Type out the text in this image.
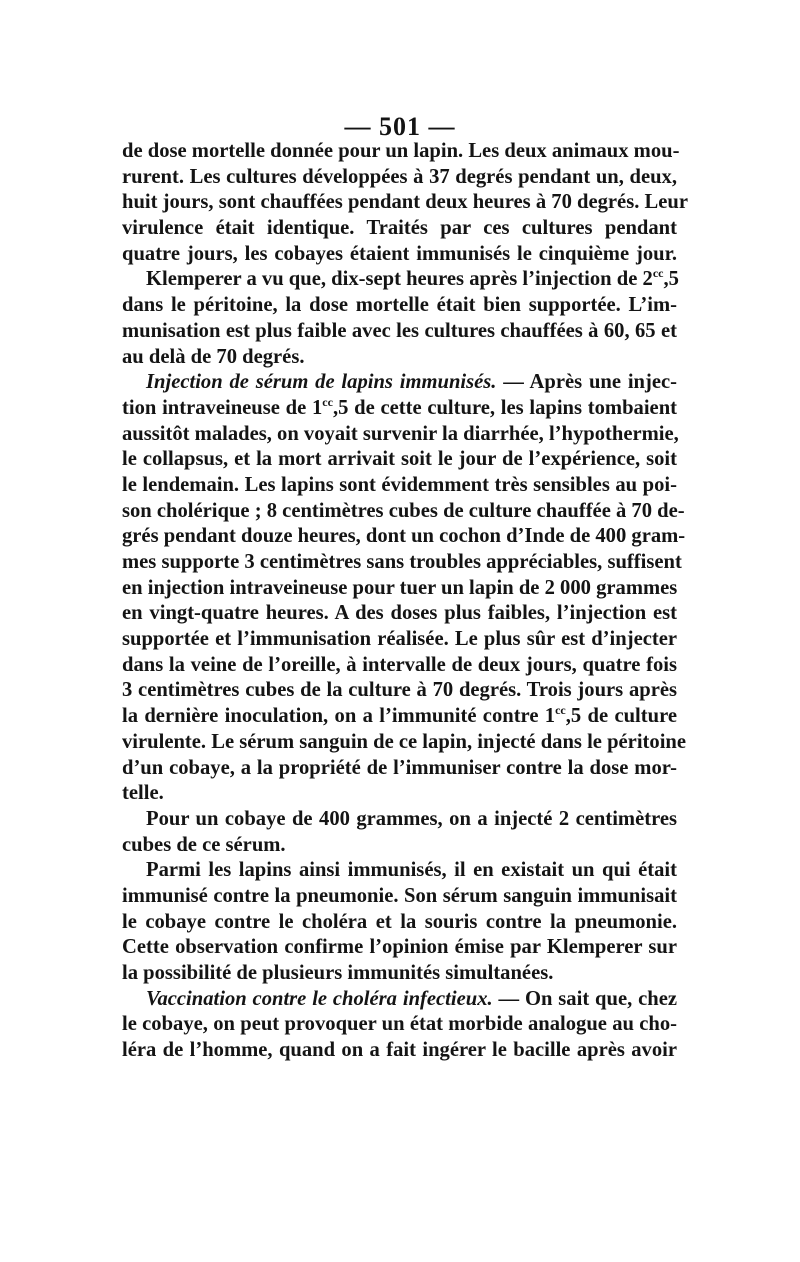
— 501 —
de dose mortelle donnée pour un lapin. Les deux animaux mou-
rurent. Les cultures développées à 37 degrés pendant un, deux,
huit jours, sont chauffées pendant deux heures à 70 degrés. Leur
virulence était identique. Traités par ces cultures pendant
quatre jours, les cobayes étaient immunisés le cinquième jour.
Klemperer a vu que, dix-sept heures après l’injection de $2^{cc},5$
dans le péritoine, la dose mortelle était bien supportée. L’im-
munisation est plus faible avec les cultures chauffées à 60, 65 et
au delà de 70 degrés.
Injection de sérum de lapins immunisés. — Après une injec-
tion intraveineuse de $1^{cc},5$ de cette culture, les lapins tombaient
aussitôt malades, on voyait survenir la diarrhée, l’hypothermie,
le collapsus, et la mort arrivait soit le jour de l’expérience, soit
le lendemain. Les lapins sont évidemment très sensibles au poi-
son cholérique ; 8 centimètres cubes de culture chauffée à 70 de-
grés pendant douze heures, dont un cochon d’Inde de 400 gram-
mes supporte 3 centimètres sans troubles appréciables, suffisent
en injection intraveineuse pour tuer un lapin de 2 000 grammes
en vingt-quatre heures. A des doses plus faibles, l’injection est
supportée et l’immunisation réalisée. Le plus sûr est d’injecter
dans la veine de l’oreille, à intervalle de deux jours, quatre fois
3 centimètres cubes de la culture à 70 degrés. Trois jours après
la dernière inoculation, on a l’immunité contre $1^{cc},5$ de culture
virulente. Le sérum sanguin de ce lapin, injecté dans le péritoine
d’un cobaye, a la propriété de l’immuniser contre la dose mor-
telle.
Pour un cobaye de 400 grammes, on a injecté 2 centimètres
cubes de ce sérum.
Parmi les lapins ainsi immunisés, il en existait un qui était
immunisé contre la pneumonie. Son sérum sanguin immunisait
le cobaye contre le choléra et la souris contre la pneumonie.
Cette observation confirme l’opinion émise par Klemperer sur
la possibilité de plusieurs immunités simultanées.
Vaccination contre le choléra infectieux. — On sait que, chez
le cobaye, on peut provoquer un état morbide analogue au cho-
léra de l’homme, quand on a fait ingérer le bacille après avoir
